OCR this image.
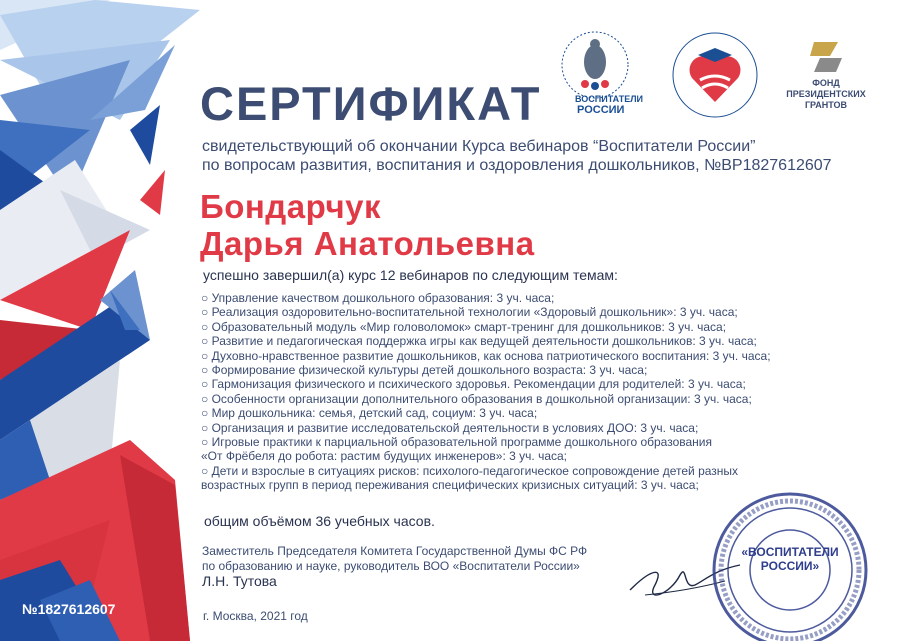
ВОСПИТАТЕЛИ
РОССИИ
ФОНД
ПРЕЗИДЕНТСКИХ
ГРАНТОВ
СЕРТИФИКАТ
свидетельствующий об окончании Курса вебинаров “Воспитатели России”
по вопросам развития, воспитания и оздоровления дошкольников, №ВР1827612607
Бондарчук
Дарья Анатольевна
успешно завершил(а) курс 12 вебинаров по следующим темам:
○ Управление качеством дошкольного образования: 3 уч. часа;
○ Реализация оздоровительно-воспитательной технологии «Здоровый дошкольник»: 3 уч. часа;
○ Образовательный модуль «Мир головоломок» смарт-тренинг для дошкольников: 3 уч. часа;
○ Развитие и педагогическая поддержка игры как ведущей деятельности дошкольников: 3 уч. часа;
○ Духовно-нравственное развитие дошкольников, как основа патриотического воспитания: 3 уч. часа;
○ Формирование физической культуры детей дошкольного возраста: 3 уч. часа;
○ Гармонизация физического и психического здоровья. Рекомендации для родителей: 3 уч. часа;
○ Особенности организации дополнительного образования в дошкольной организации: 3 уч. часа;
○ Мир дошкольника: семья, детский сад, социум: 3 уч. часа;
○ Организация и развитие исследовательской деятельности в условиях ДОО: 3 уч. часа;
○ Игровые практики к парциальной образовательной программе дошкольного образования
«От Фрёбеля до робота: растим будущих инженеров»: 3 уч. часа;
○ Дети и взрослые в ситуациях рисков: психолого-педагогическое сопровождение детей разных
возрастных групп в период переживания специфических кризисных ситуаций: 3 уч. часа;
общим объёмом 36 учебных часов.
Заместитель Председателя Комитета Государственной Думы ФС РФ
по образованию и науке, руководитель ВОО «Воспитатели России»
Л.Н. Тутова
г. Москва, 2021 год
№1827612607
«ВОСПИТАТЕЛИ
РОССИИ»
